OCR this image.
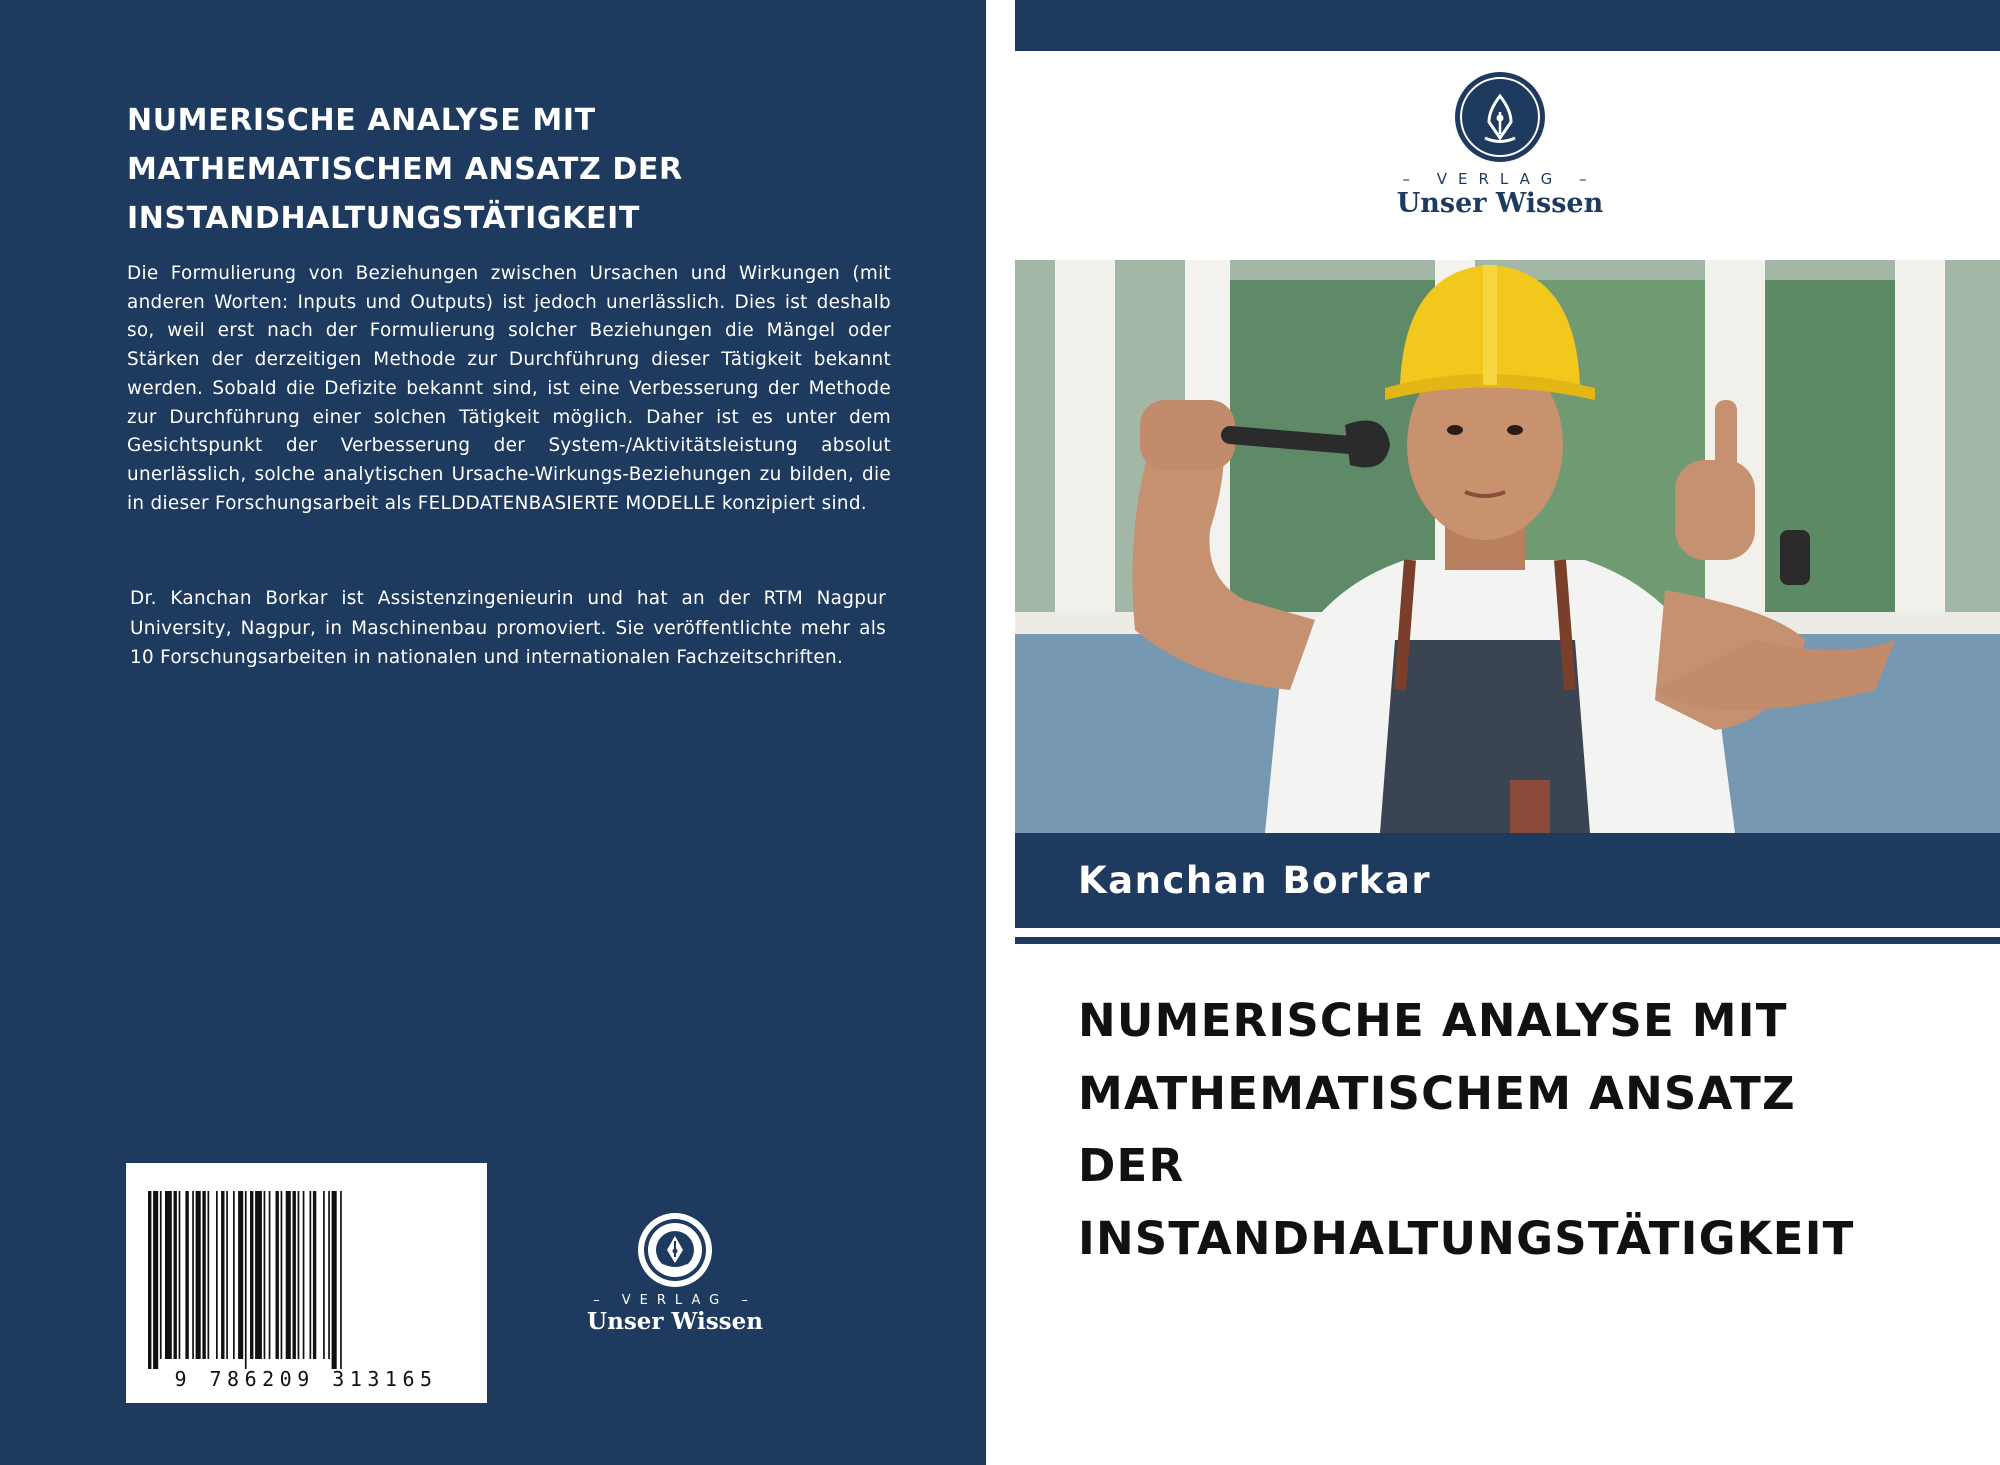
NUMERISCHE ANALYSE MIT
MATHEMATISCHEM ANSATZ DER
INSTANDHALTUNGSTÄTIGKEIT
Die Formulierung von Beziehungen zwischen Ursachen und Wirkungen (mit anderen Worten: Inputs und Outputs) ist jedoch unerlässlich. Dies ist deshalb so, weil erst nach der Formulierung solcher Beziehungen die Mängel oder Stärken der derzeitigen Methode zur Durchführung dieser Tätigkeit bekannt werden. Sobald die Defizite bekannt sind, ist eine Verbesserung der Methode zur Durchführung einer solchen Tätigkeit möglich. Daher ist es unter dem Gesichtspunkt der Verbesserung der System-/Aktivitätsleistung absolut unerlässlich, solche analytischen Ursache-Wirkungs-Beziehungen zu bilden, die in dieser Forschungsarbeit als FELDDATENBASIERTE MODELLE konzipiert sind.
Dr. Kanchan Borkar ist Assistenzingenieurin und hat an der RTM Nagpur University, Nagpur, in Maschinenbau promoviert. Sie veröffentlichte mehr als 10 Forschungsarbeiten in nationalen und internationalen Fachzeitschriften.
9 786209 313165
– VERLAG –
Unser Wissen
– VERLAG –
Unser Wissen
Kanchan Borkar
NUMERISCHE ANALYSE MIT
MATHEMATISCHEM ANSATZ
DER
INSTANDHALTUNGSTÄTIGKEIT
